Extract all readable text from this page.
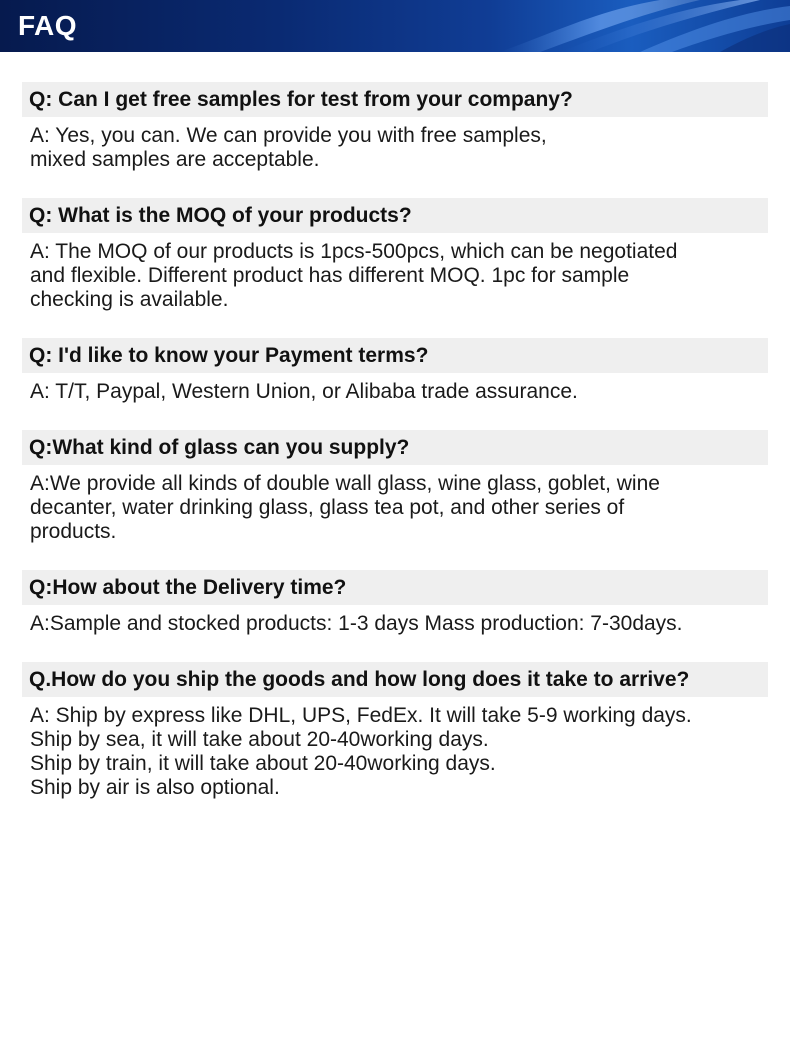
FAQ
Q: Can I get free samples for test from your company?
A: Yes, you can. We can provide you with free samples,
mixed samples are acceptable.
Q: What is the MOQ of your products?
A: The MOQ of our products is 1pcs-500pcs, which can be negotiated
and flexible. Different product has different MOQ. 1pc for sample
checking is available.
Q: I'd like to know your Payment terms?
A: T/T, Paypal, Western Union, or Alibaba trade assurance.
Q:What kind of glass can you supply?
A:We provide all kinds of double wall glass, wine glass, goblet, wine
decanter, water drinking glass, glass tea pot, and other series of
products.
Q:How about the Delivery time?
A:Sample and stocked products: 1-3 days Mass production: 7-30days.
Q.How do you ship the goods and how long does it take to arrive?
A: Ship by express like DHL, UPS, FedEx. It will take 5-9 working days.
Ship by sea, it will take about 20-40working days.
Ship by train, it will take about 20-40working days.
Ship by air is also optional.
